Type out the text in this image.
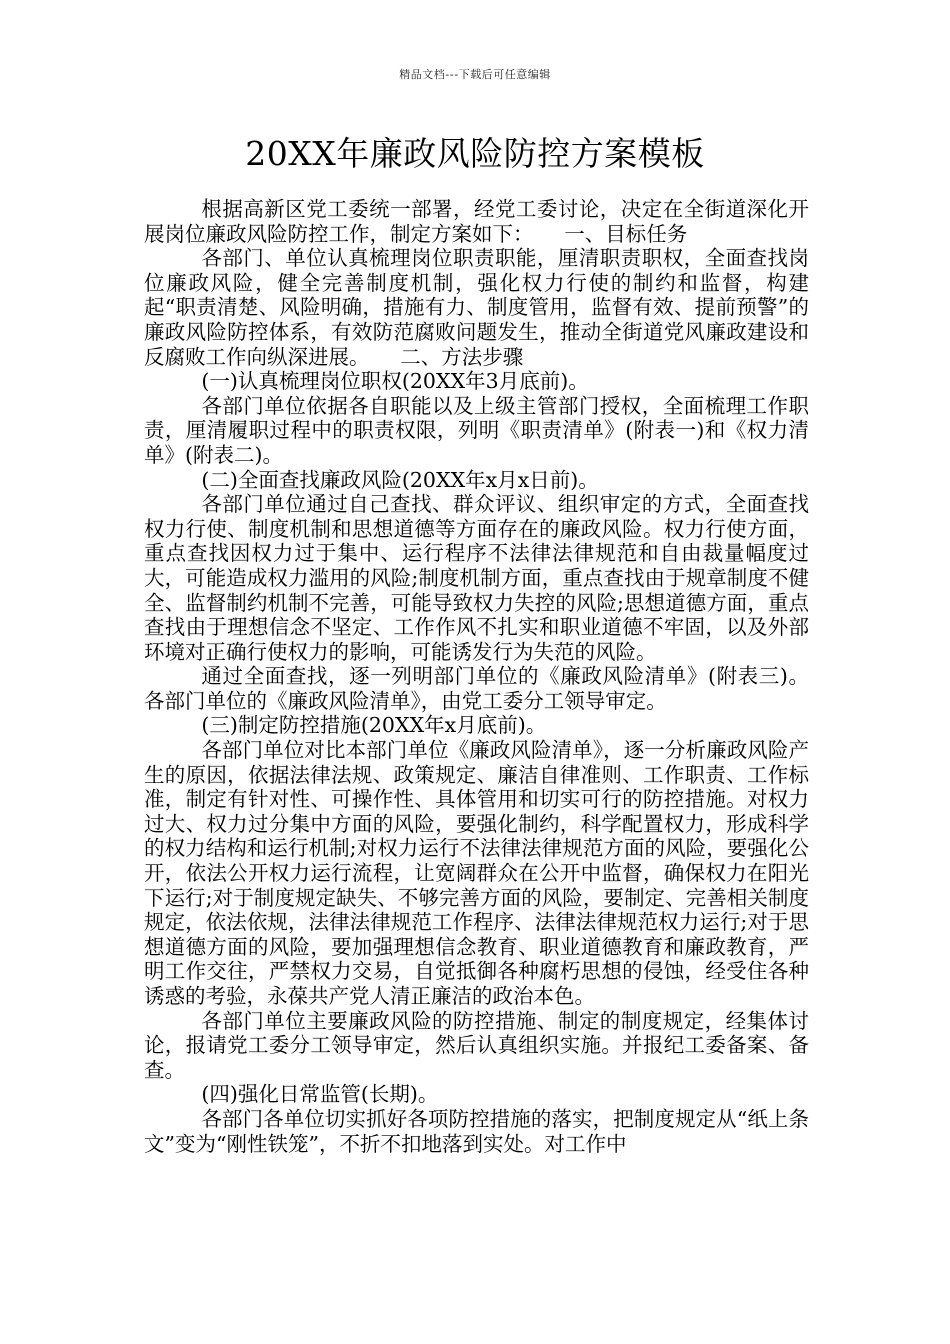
精品文档---下载后可任意编辑
20XX年廉政风险防控方案模板

根据高新区党工委统一部署，经党工委讨论，决定在全街道深化开展岗位廉政风险防控工作，制定方案如下：　　一、目标任务

各部门、单位认真梳理岗位职责职能，厘清职责职权，全面查找岗位廉政风险，健全完善制度机制，强化权力行使的制约和监督，构建起“职责清楚、风险明确，措施有力、制度管用，监督有效、提前预警”的廉政风险防控体系，有效防范腐败问题发生，推动全街道党风廉政建设和反腐败工作向纵深进展。　　二、方法步骤

(一)认真梳理岗位职权(20XX年3月底前)。

各部门单位依据各自职能以及上级主管部门授权，全面梳理工作职责，厘清履职过程中的职责权限，列明《职责清单》(附表一)和《权力清单》(附表二)。

(二)全面查找廉政风险(20XX年x月x日前)。

各部门单位通过自己查找、群众评议、组织审定的方式，全面查找权力行使、制度机制和思想道德等方面存在的廉政风险。权力行使方面，重点查找因权力过于集中、运行程序不法律法律规范和自由裁量幅度过大，可能造成权力滥用的风险;制度机制方面，重点查找由于规章制度不健全、监督制约机制不完善，可能导致权力失控的风险;思想道德方面，重点查找由于理想信念不坚定、工作作风不扎实和职业道德不牢固，以及外部环境对正确行使权力的影响，可能诱发行为失范的风险。

通过全面查找，逐一列明部门单位的《廉政风险清单》(附表三)。各部门单位的《廉政风险清单》，由党工委分工领导审定。

(三)制定防控措施(20XX年x月底前)。

各部门单位对比本部门单位《廉政风险清单》，逐一分析廉政风险产生的原因，依据法律法规、政策规定、廉洁自律准则、工作职责、工作标准，制定有针对性、可操作性、具体管用和切实可行的防控措施。对权力过大、权力过分集中方面的风险，要强化制约，科学配置权力，形成科学的权力结构和运行机制;对权力运行不法律法律规范方面的风险，要强化公开，依法公开权力运行流程，让宽阔群众在公开中监督，确保权力在阳光下运行;对于制度规定缺失、不够完善方面的风险，要制定、完善相关制度规定，依法依规，法律法律规范工作程序、法律法律规范权力运行;对于思想道德方面的风险，要加强理想信念教育、职业道德教育和廉政教育，严明工作交往，严禁权力交易，自觉抵御各种腐朽思想的侵蚀，经受住各种诱惑的考验，永葆共产党人清正廉洁的政治本色。

各部门单位主要廉政风险的防控措施、制定的制度规定，经集体讨论，报请党工委分工领导审定，然后认真组织实施。并报纪工委备案、备查。

(四)强化日常监管(长期)。

各部门各单位切实抓好各项防控措施的落实，把制度规定从“纸上条文”变为“刚性铁笼”，不折不扣地落到实处。对工作中
